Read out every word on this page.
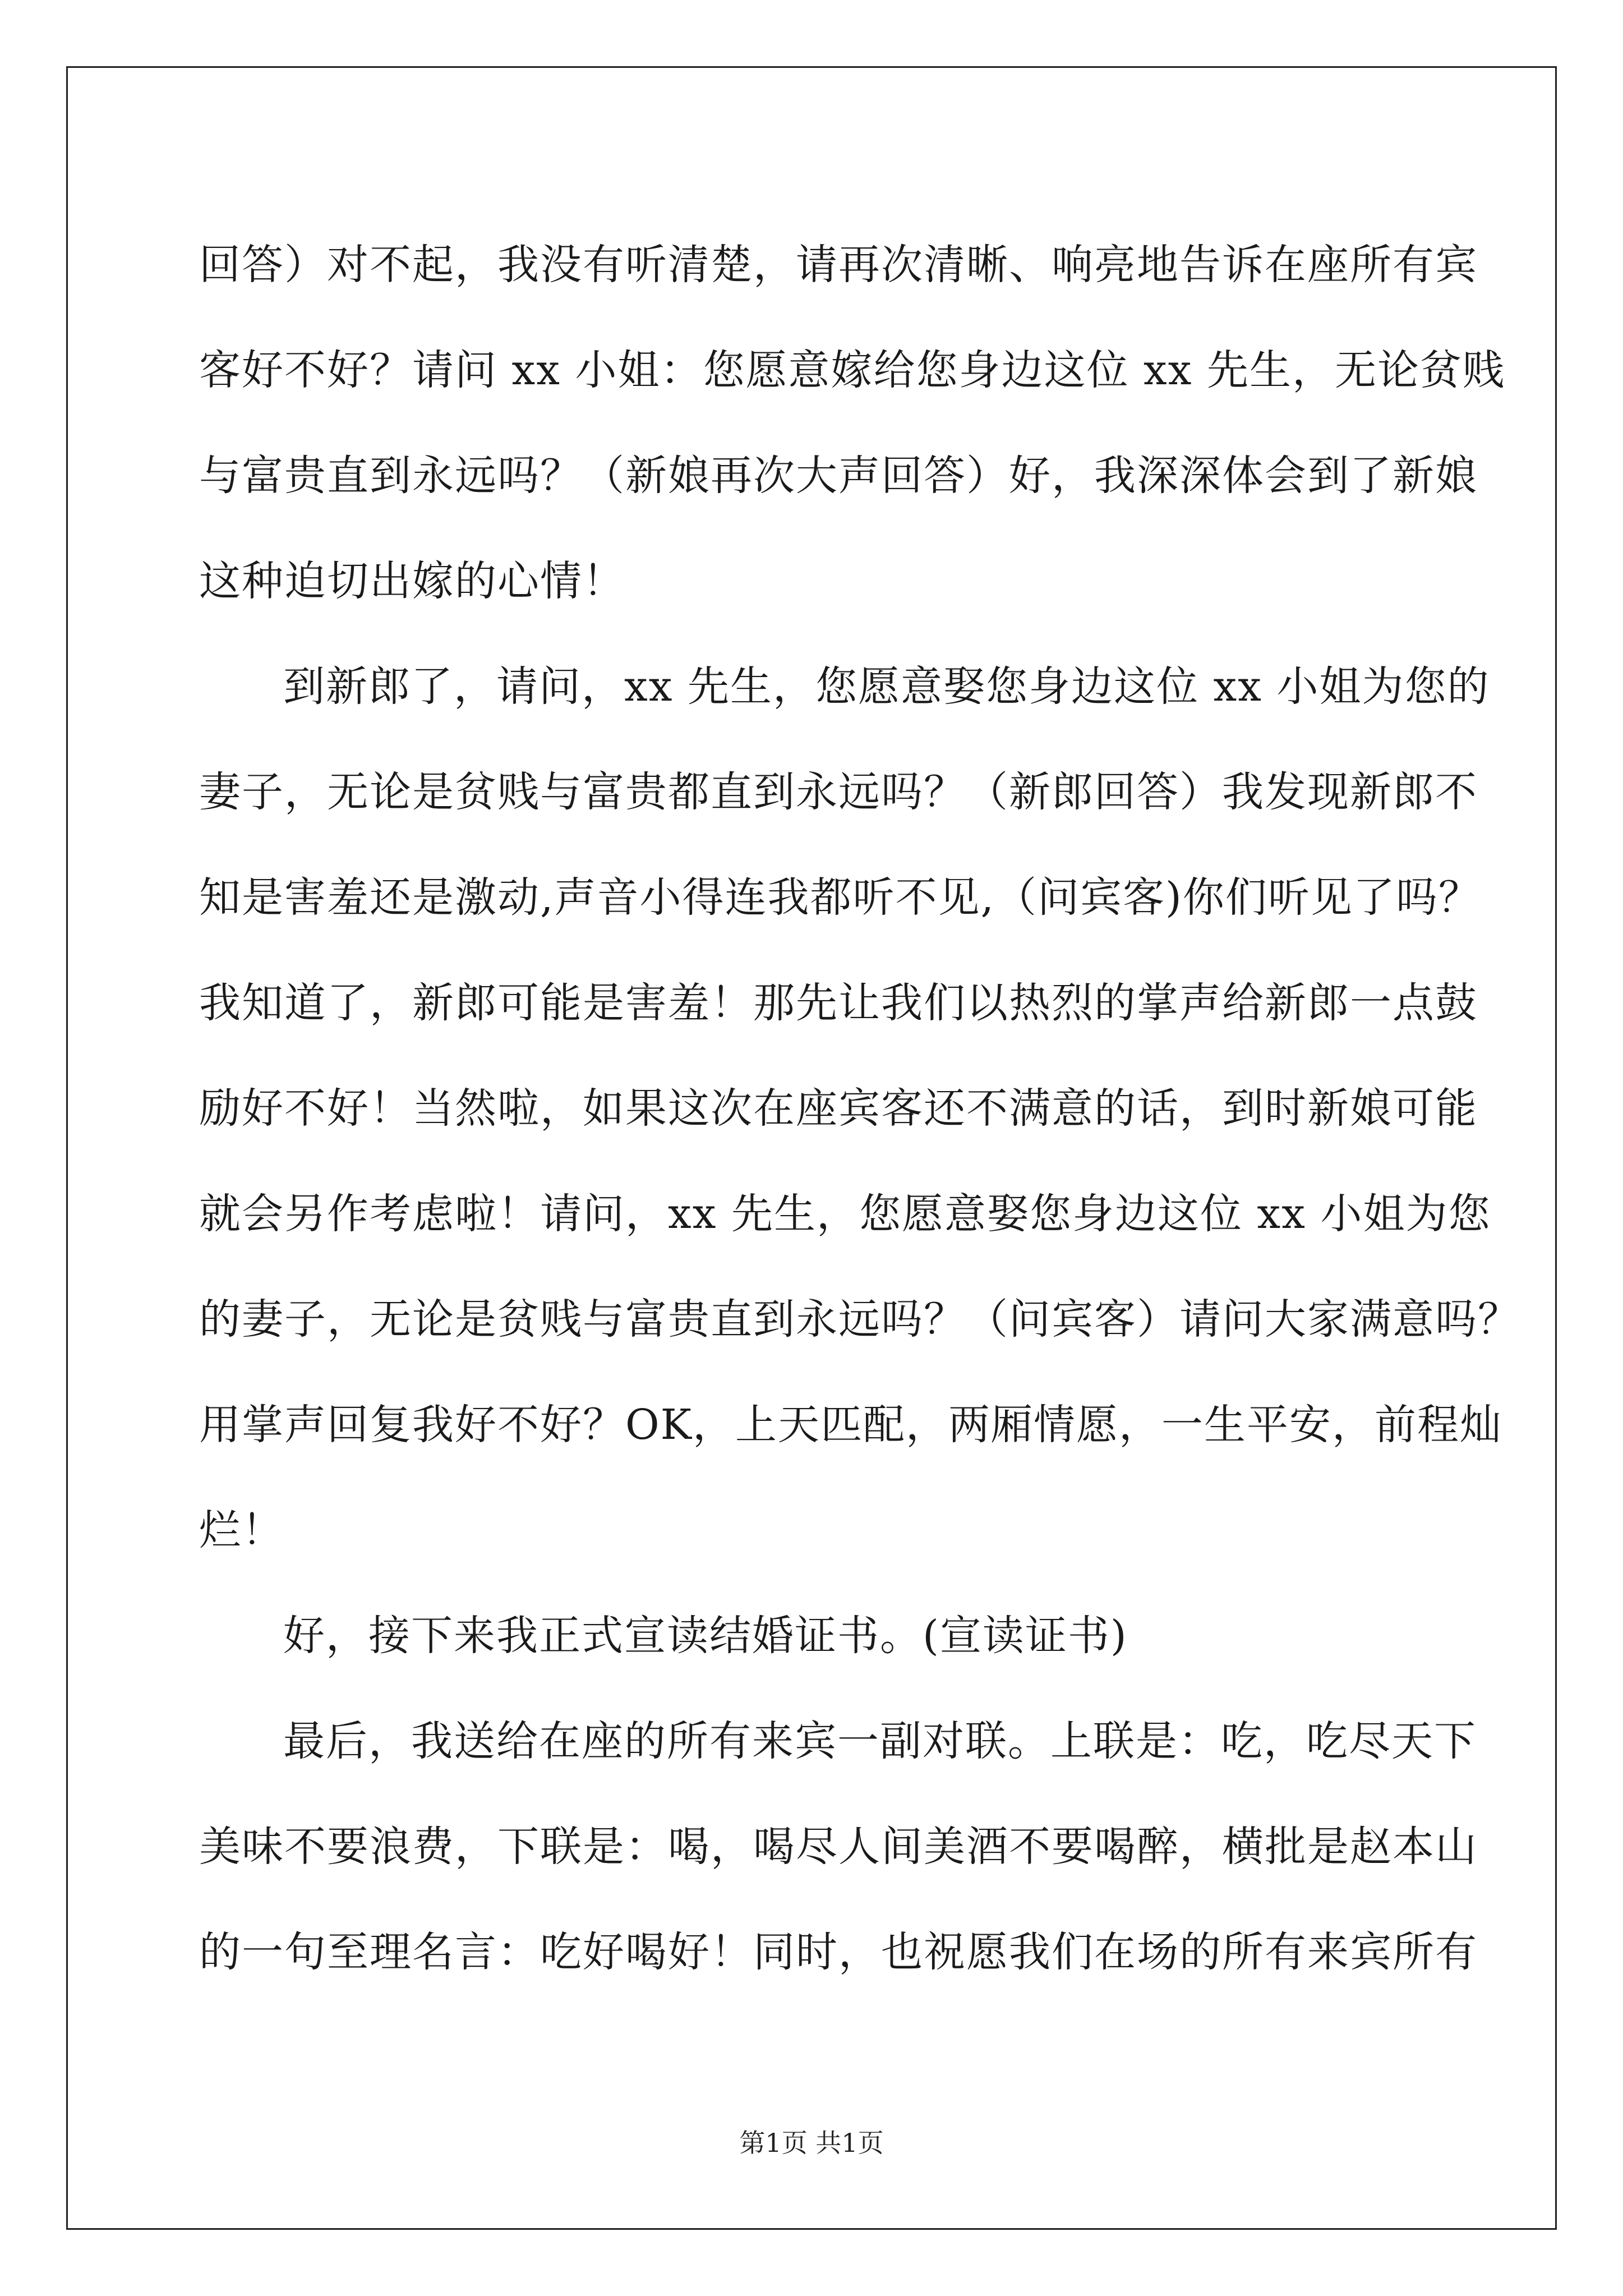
回答）对不起，我没有听清楚，请再次清晰、响亮地告诉在座所有宾
客好不好？请问 xx 小姐：您愿意嫁给您身边这位 xx 先生，无论贫贱
与富贵直到永远吗？（新娘再次大声回答）好，我深深体会到了新娘
这种迫切出嫁的心情！
到新郎了，请问，xx 先生，您愿意娶您身边这位 xx 小姐为您的
妻子，无论是贫贱与富贵都直到永远吗？（新郎回答）我发现新郎不
知是害羞还是激动,声音小得连我都听不见,（问宾客)你们听见了吗？
我知道了，新郎可能是害羞！那先让我们以热烈的掌声给新郎一点鼓
励好不好！当然啦，如果这次在座宾客还不满意的话，到时新娘可能
就会另作考虑啦！请问，xx 先生，您愿意娶您身边这位 xx 小姐为您
的妻子，无论是贫贱与富贵直到永远吗？（问宾客）请问大家满意吗？
用掌声回复我好不好？OK，上天匹配，两厢情愿，一生平安，前程灿
烂！
好，接下来我正式宣读结婚证书。(宣读证书)
最后，我送给在座的所有来宾一副对联。上联是：吃，吃尽天下
美味不要浪费，下联是：喝，喝尽人间美酒不要喝醉，横批是赵本山
的一句至理名言：吃好喝好！同时，也祝愿我们在场的所有来宾所有
第1页 共1页
